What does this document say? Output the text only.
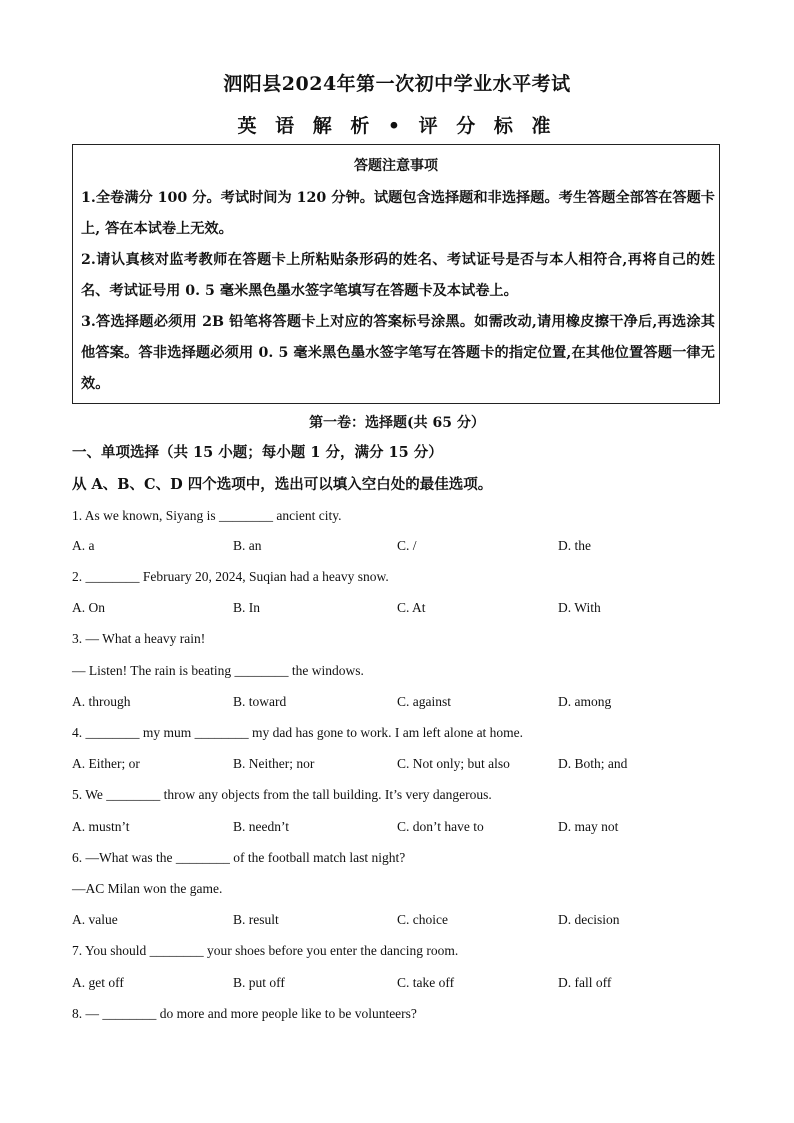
泗阳县2024年第一次初中学业水平考试
英 语 解 析 • 评 分 标 准
答题注意事项

1.全卷满分 100 分。考试时间为 120 分钟。试题包含选择题和非选择题。考生答题全部答在答题卡上, 答在本试卷上无效。

2.请认真核对监考教师在答题卡上所粘贴条形码的姓名、考试证号是否与本人相符合,再将自己的姓名、考试证号用 0. 5 毫米黑色墨水签字笔填写在答题卡及本试卷上。

3.答选择题必须用 2B 铅笔将答题卡上对应的答案标号涂黑。如需改动,请用橡皮擦干净后,再选涂其他答案。答非选择题必须用 0. 5 毫米黑色墨水签字笔写在答题卡的指定位置,在其他位置答题一律无效。

第一卷：选择题(共 65 分）
一、单项选择（共 15 小题；每小题 1 分，满分 15 分）
从 A、B、C、D 四个选项中，选出可以填入空白处的最佳选项。
1. As we known, Siyang is ________ ancient city.
A. a	B. an	C. /	D. the
2. ________ February 20, 2024, Suqian had a heavy snow.
A. On	B. In	C. At	D. With
3. — What a heavy rain!
— Listen! The rain is beating ________ the windows.
A. through	B. toward	C. against	D. among
4. ________ my mum ________ my dad has gone to work. I am left alone at home.
A. Either; or	B. Neither; nor	C. Not only; but also	D. Both; and
5. We ________ throw any objects from the tall building. It’s very dangerous.
A. mustn’t	B. needn’t	C. don’t have to	D. may not
6. —What was the ________ of the football match last night?
—AC Milan won the game.
A. value	B. result	C. choice	D. decision
7. You should ________ your shoes before you enter the dancing room.
A. get off	B. put off	C. take off	D. fall off
8. — ________ do more and more people like to be volunteers?
